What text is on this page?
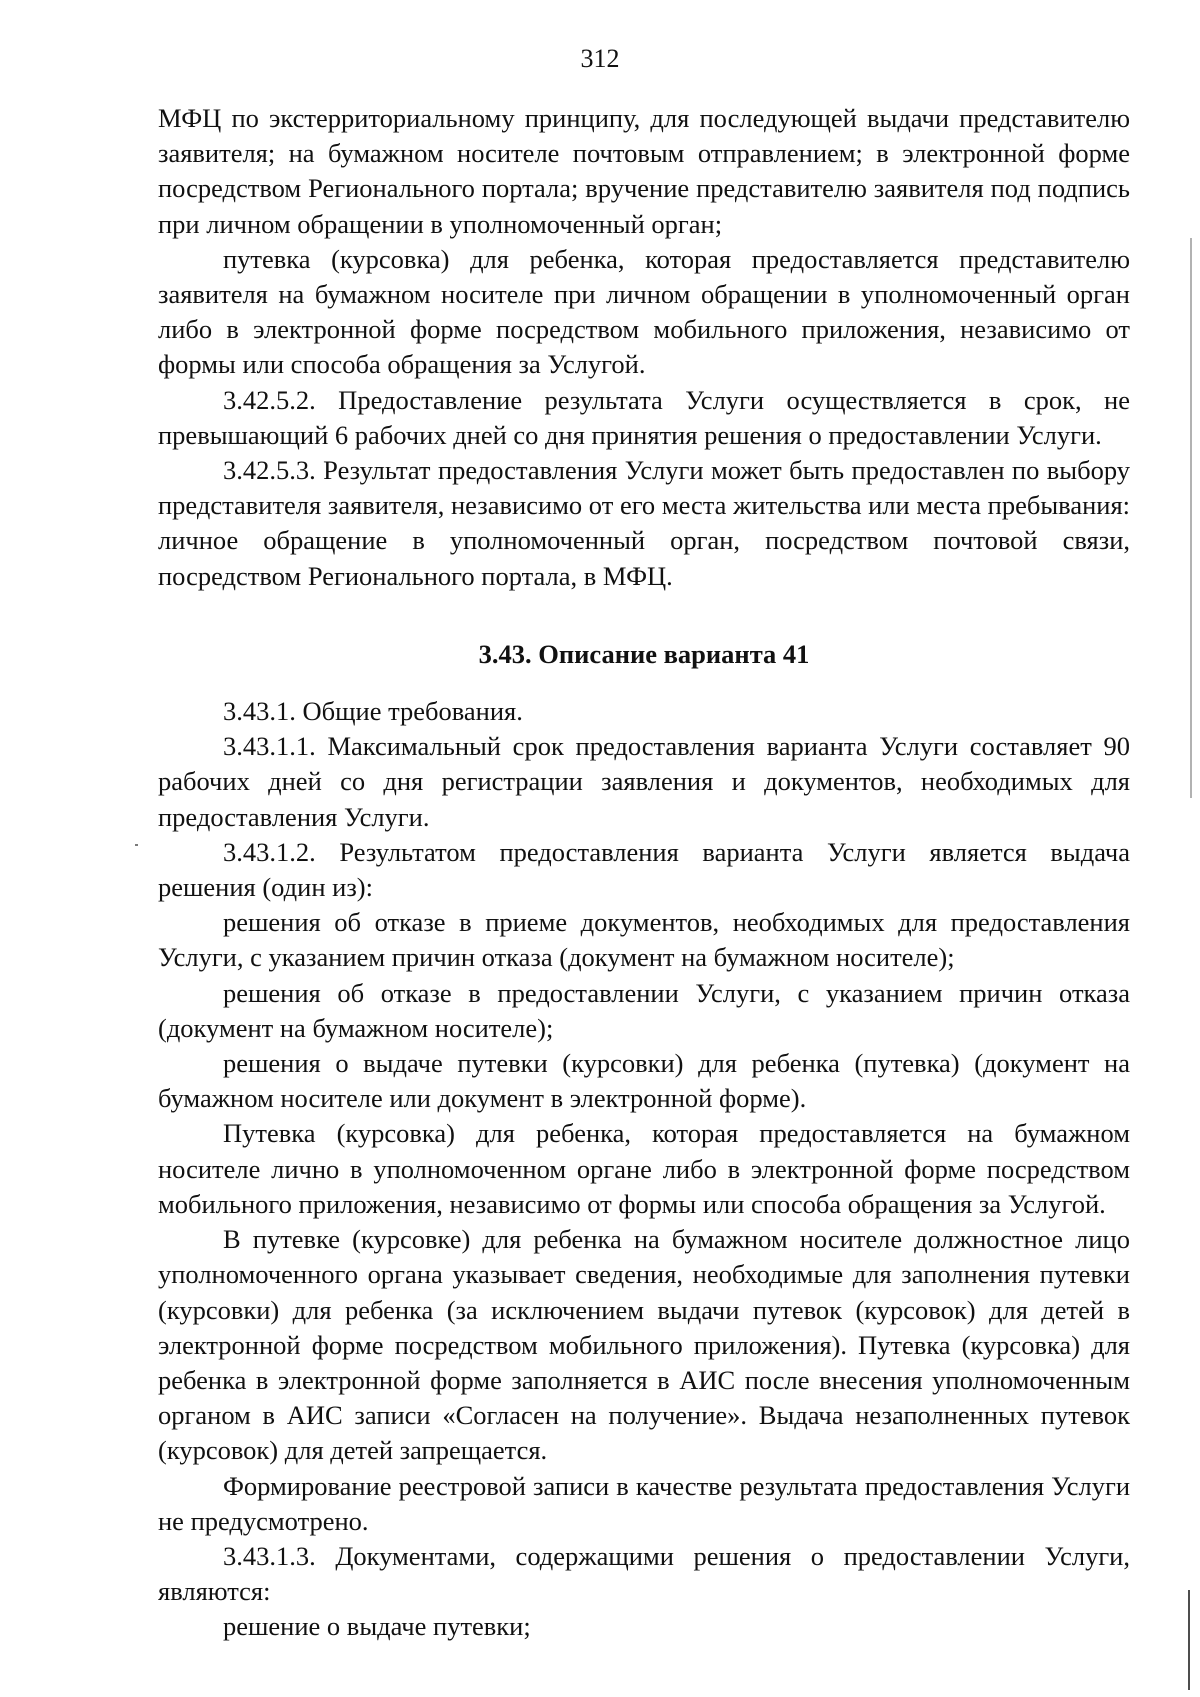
312

МФЦ по экстерриториальному принципу, для последующей выдачи представителю заявителя; на бумажном носителе почтовым отправлением; в электронной форме посредством Регионального портала; вручение представителю заявителя под подпись при личном обращении в уполномоченный орган;

путевка (курсовка) для ребенка, которая предоставляется представителю заявителя на бумажном носителе при личном обращении в уполномоченный орган либо в электронной форме посредством мобильного приложения, независимо от формы или способа обращения за Услугой.

3.42.5.2. Предоставление результата Услуги осуществляется в срок, не превышающий 6 рабочих дней со дня принятия решения о предоставлении Услуги.

3.42.5.3. Результат предоставления Услуги может быть предоставлен по выбору представителя заявителя, независимо от его места жительства или места пребывания: личное обращение в уполномоченный орган, посредством почтовой связи, посредством Регионального портала, в МФЦ.

3.43. Описание варианта 41

3.43.1. Общие требования.

3.43.1.1. Максимальный срок предоставления варианта Услуги составляет 90 рабочих дней со дня регистрации заявления и документов, необходимых для предоставления Услуги.

3.43.1.2. Результатом предоставления варианта Услуги является выдача решения (один из):

решения об отказе в приеме документов, необходимых для предоставления Услуги, с указанием причин отказа (документ на бумажном носителе);

решения об отказе в предоставлении Услуги, с указанием причин отказа (документ на бумажном носителе);

решения о выдаче путевки (курсовки) для ребенка (путевка) (документ на бумажном носителе или документ в электронной форме).

Путевка (курсовка) для ребенка, которая предоставляется на бумажном носителе лично в уполномоченном органе либо в электронной форме посредством мобильного приложения, независимо от формы или способа обращения за Услугой.

В путевке (курсовке) для ребенка на бумажном носителе должностное лицо уполномоченного органа указывает сведения, необходимые для заполнения путевки (курсовки) для ребенка (за исключением выдачи путевок (курсовок) для детей в электронной форме посредством мобильного приложения). Путевка (курсовка) для ребенка в электронной форме заполняется в АИС после внесения уполномоченным органом в АИС записи «Согласен на получение». Выдача незаполненных путевок (курсовок) для детей запрещается.

Формирование реестровой записи в качестве результата предоставления Услуги не предусмотрено.

3.43.1.3. Документами, содержащими решения о предоставлении Услуги, являются:

решение о выдаче путевки;
